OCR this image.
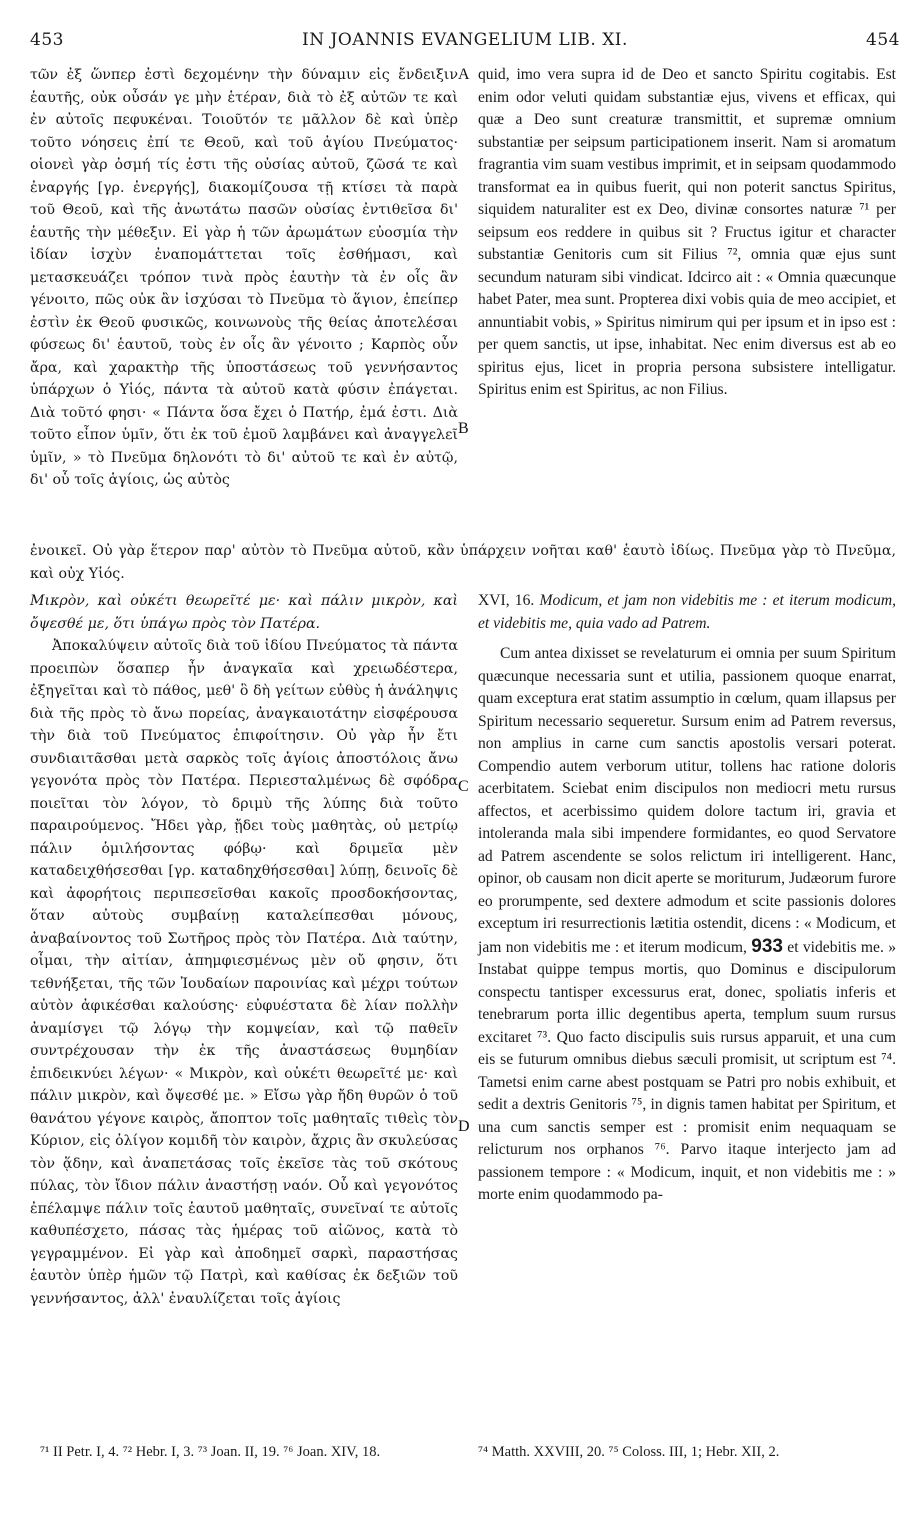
453	IN JOANNIS EVANGELIUM LIB. XI.	454

τῶν ἐξ ὥνπερ ἐστὶ δεχομένην τὴν δύναμιν εἰς ἔνδειξιν ἑαυτῆς, οὐκ οὖσάν γε μὴν ἑτέραν, διὰ τὸ ἐξ αὐτῶν τε καὶ ἐν αὐτοῖς πεφυκέναι. Τοιοῦτόν τε μᾶλλον δὲ καὶ ὑπὲρ τοῦτο νόησεις ἐπί τε Θεοῦ, καὶ τοῦ ἁγίου Πνεύματος· οἱονεὶ γὰρ ὀσμή τίς ἐστι τῆς οὐσίας αὐτοῦ, ζῶσά τε καὶ ἐναργής [γρ. ἐνεργής], διακομίζουσα τῇ κτίσει τὰ παρὰ τοῦ Θεοῦ, καὶ τῆς ἀνωτάτω πασῶν οὐσίας ἐντιθεῖσα δι' ἑαυτῆς τὴν μέθεξιν. Εἰ γὰρ ἡ τῶν ἀρωμάτων εὐοσμία τὴν ἰδίαν ἰσχὺν ἐναπομάττεται τοῖς ἐσθήμασι, καὶ μετασκευάζει τρόπον τινὰ πρὸς ἑαυτὴν τὰ ἐν οἷς ἂν γένοιτο, πῶς οὐκ ἂν ἰσχύσαι τὸ Πνεῦμα τὸ ἅγιον, ἐπείπερ ἐστὶν ἐκ Θεοῦ φυσικῶς, κοινωνοὺς τῆς θείας ἀποτελέσαι φύσεως δι' ἑαυτοῦ, τοὺς ἐν οἷς ἂν γένοιτο ; Καρπὸς οὖν ἄρα, καὶ χαρακτὴρ τῆς ὑποστάσεως τοῦ γεννήσαντος ὑπάρχων ὁ Υἱός, πάντα τὰ αὐτοῦ κατὰ φύσιν ἐπάγεται. Διὰ τοῦτό φησι· « Πάντα ὅσα ἔχει ὁ Πατήρ, ἐμά ἐστι. Διὰ τοῦτο εἶπον ὑμῖν, ὅτι ἐκ τοῦ ἐμοῦ λαμβάνει καὶ ἀναγγελεῖ ὑμῖν, » τὸ Πνεῦμα δηλονότι τὸ δι' αὐτοῦ τε καὶ ἐν αὐτῷ, δι' οὗ τοῖς ἁγίοις, ὡς αὐτὸς

quid, imo vera supra id de Deo et sancto Spiritu cogitabis. Est enim odor veluti quidam substantiæ ejus, vivens et efficax, qui quæ a Deo sunt creaturæ transmittit, et supremæ omnium substantiæ per seipsum participationem inserit. Nam si aromatum fragrantia vim suam vestibus imprimit, et in seipsam quodammodo transformat ea in quibus fuerit, qui non poterit sanctus Spiritus, siquidem naturaliter est ex Deo, divinæ consortes naturæ ⁷¹ per seipsum eos reddere in quibus sit ? Fructus igitur et character substantiæ Genitoris cum sit Filius ⁷², omnia quæ ejus sunt secundum naturam sibi vindicat. Idcirco ait : « Omnia quæcunque habet Pater, mea sunt. Propterea dixi vobis quia de meo accipiet, et annuntiabit vobis, » Spiritus nimirum qui per ipsum et in ipso est : per quem sanctis, ut ipse, inhabitat. Nec enim diversus est ab eo spiritus ejus, licet in propria persona subsistere intelligatur. Spiritus enim est Spiritus, ac non Filius.

ἐνοικεῖ. Οὐ γὰρ ἕτερον παρ' αὐτὸν τὸ Πνεῦμα αὐτοῦ, κἂν ὑπάρχειν νοῆται καθ' ἑαυτὸ ἰδίως. Πνεῦμα γὰρ τὸ Πνεῦμα, καὶ οὐχ Υἱός.

Μικρὸν, καὶ οὐκέτι θεωρεῖτέ με· καὶ πάλιν μικρὸν, καὶ ὄψεσθέ με, ὅτι ὑπάγω πρὸς τὸν Πατέρα.

Ἀποκαλύψειν αὐτοῖς διὰ τοῦ ἰδίου Πνεύματος τὰ πάντα προειπὼν ὅσαπερ ἦν ἀναγκαῖα καὶ χρειωδέστερα, ἐξηγεῖται καὶ τὸ πάθος, μεθ' ὃ δὴ γείτων εὐθὺς ἡ ἀνάληψις διὰ τῆς πρὸς τὸ ἄνω πορείας, ἀναγκαιοτάτην εἰσφέρουσα τὴν διὰ τοῦ Πνεύματος ἐπιφοίτησιν. Οὐ γὰρ ἦν ἔτι συνδιαιτᾶσθαι μετὰ σαρκὸς τοῖς ἁγίοις ἀποστόλοις ἄνω γεγονότα πρὸς τὸν Πατέρα. Περιεσταλμένως δὲ σφόδρα ποιεῖται τὸν λόγον, τὸ δριμὺ τῆς λύπης διὰ τοῦτο παραιρούμενος. Ἤδει γὰρ, ᾔδει τοὺς μαθητὰς, οὐ μετρίῳ πάλιν ὁμιλήσοντας φόβῳ· καὶ δριμεῖα μὲν καταδειχθήσεσθαι [γρ. καταδηχθήσεσθαι] λύπῃ, δεινοῖς δὲ καὶ ἀφορήτοις περιπεσεῖσθαι κακοῖς προσδοκήσοντας, ὅταν αὐτοὺς συμβαίνῃ καταλείπεσθαι μόνους, ἀναβαίνοντος τοῦ Σωτῆρος πρὸς τὸν Πατέρα. Διὰ ταύτην, οἶμαι, τὴν αἰτίαν, ἀπημφιεσμένως μὲν οὔ φησιν, ὅτι τεθνήξεται, τῆς τῶν Ἰουδαίων παροινίας καὶ μέχρι τούτων αὐτὸν ἀφικέσθαι καλούσης· εὐφυέστατα δὲ λίαν πολλὴν ἀναμίσγει τῷ λόγῳ τὴν κομψείαν, καὶ τῷ παθεῖν συντρέχουσαν τὴν ἐκ τῆς ἀναστάσεως θυμηδίαν ἐπιδεικνύει λέγων· « Μικρὸν, καὶ οὐκέτι θεωρεῖτέ με· καὶ πάλιν μικρὸν, καὶ ὄψεσθέ με. » Εἴσω γὰρ ἤδη θυρῶν ὁ τοῦ θανάτου γέγονε καιρὸς, ἄποπτον τοῖς μαθηταῖς τιθεὶς τὸν Κύριον, εἰς ὀλίγον κομιδῆ τὸν καιρὸν, ἄχρις ἂν σκυλεύσας τὸν ᾅδην, καὶ ἀναπετάσας τοῖς ἐκεῖσε τὰς τοῦ σκότους πύλας, τὸν ἴδιον πάλιν ἀναστήσῃ ναόν. Οὗ καὶ γεγονότος ἐπέλαμψε πάλιν τοῖς ἑαυτοῦ μαθηταῖς, συνεῖναί τε αὐτοῖς καθυπέσχετο, πάσας τὰς ἡμέρας τοῦ αἰῶνος, κατὰ τὸ γεγραμμένον. Εἰ γὰρ καὶ ἀποδημεῖ σαρκὶ, παραστήσας ἑαυτὸν ὑπὲρ ἡμῶν τῷ Πατρὶ, καὶ καθίσας ἐκ δεξιῶν τοῦ γεννήσαντος, ἀλλ' ἐναυλίζεται τοῖς ἁγίοις

XVI, 16. Modicum, et jam non videbitis me : et iterum modicum, et videbitis me, quia vado ad Patrem.

Cum antea dixisset se revelaturum ei omnia per suum Spiritum quæcunque necessaria sunt et utilia, passionem quoque enarrat, quam exceptura erat statim assumptio in cœlum, quam illapsus per Spiritum necessario sequeretur. Sursum enim ad Patrem reversus, non amplius in carne cum sanctis apostolis versari poterat. Compendio autem verborum utitur, tollens hac ratione doloris acerbitatem. Sciebat enim discipulos non mediocri metu rursus affectos, et acerbissimo quidem dolore tactum iri, gravia et intoleranda mala sibi impendere formidantes, eo quod Servatore ad Patrem ascendente se solos relictum iri intelligerent. Hanc, opinor, ob causam non dicit aperte se moriturum, Judæorum furore eo prorumpente, sed dextere admodum et scite passionis dolores exceptum iri resurrectionis lætitia ostendit, dicens : « Modicum, et jam non videbitis me : et iterum modicum, 933 et videbitis me. » Instabat quippe tempus mortis, quo Dominus e discipulorum conspectu tantisper excessurus erat, donec, spoliatis inferis et tenebrarum porta illic degentibus aperta, templum suum rursus excitaret ⁷³. Quo facto discipulis suis rursus apparuit, et una cum eis se futurum omnibus diebus sæculi promisit, ut scriptum est ⁷⁴. Tametsi enim carne abest postquam se Patri pro nobis exhibuit, et sedit a dextris Genitoris ⁷⁵, in dignis tamen habitat per Spiritum, et una cum sanctis semper est : promisit enim nequaquam se relicturum nos orphanos ⁷⁶. Parvo itaque interjecto jam ad passionem tempore : « Modicum, inquit, et non videbitis me : » morte enim quodammodo pa-

A
B
C
D
⁷¹ II Petr. I, 4. ⁷² Hebr. I, 3. ⁷³ Joan. II, 19. ⁷⁶ Joan. XIV, 18.	⁷⁴ Matth. XXVIII, 20. ⁷⁵ Coloss. III, 1; Hebr. XII, 2.
